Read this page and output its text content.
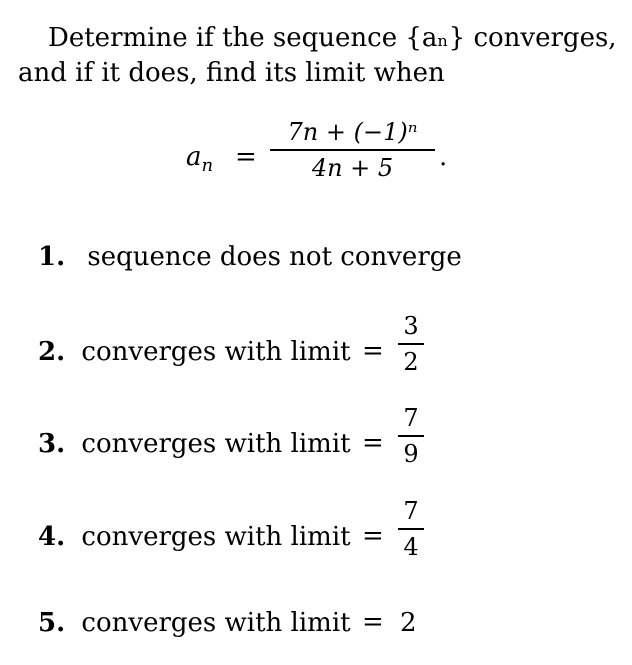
Determine if the sequence {aₙ} converges,
and if it does, find its limit when
$a_n$ =
7n + (−1)ⁿ
4n + 5	.
1. sequence does not converge
2. converges with limit =
3
2
3. converges with limit =
7
9
4. converges with limit =
7
4
5. converges with limit = 2
